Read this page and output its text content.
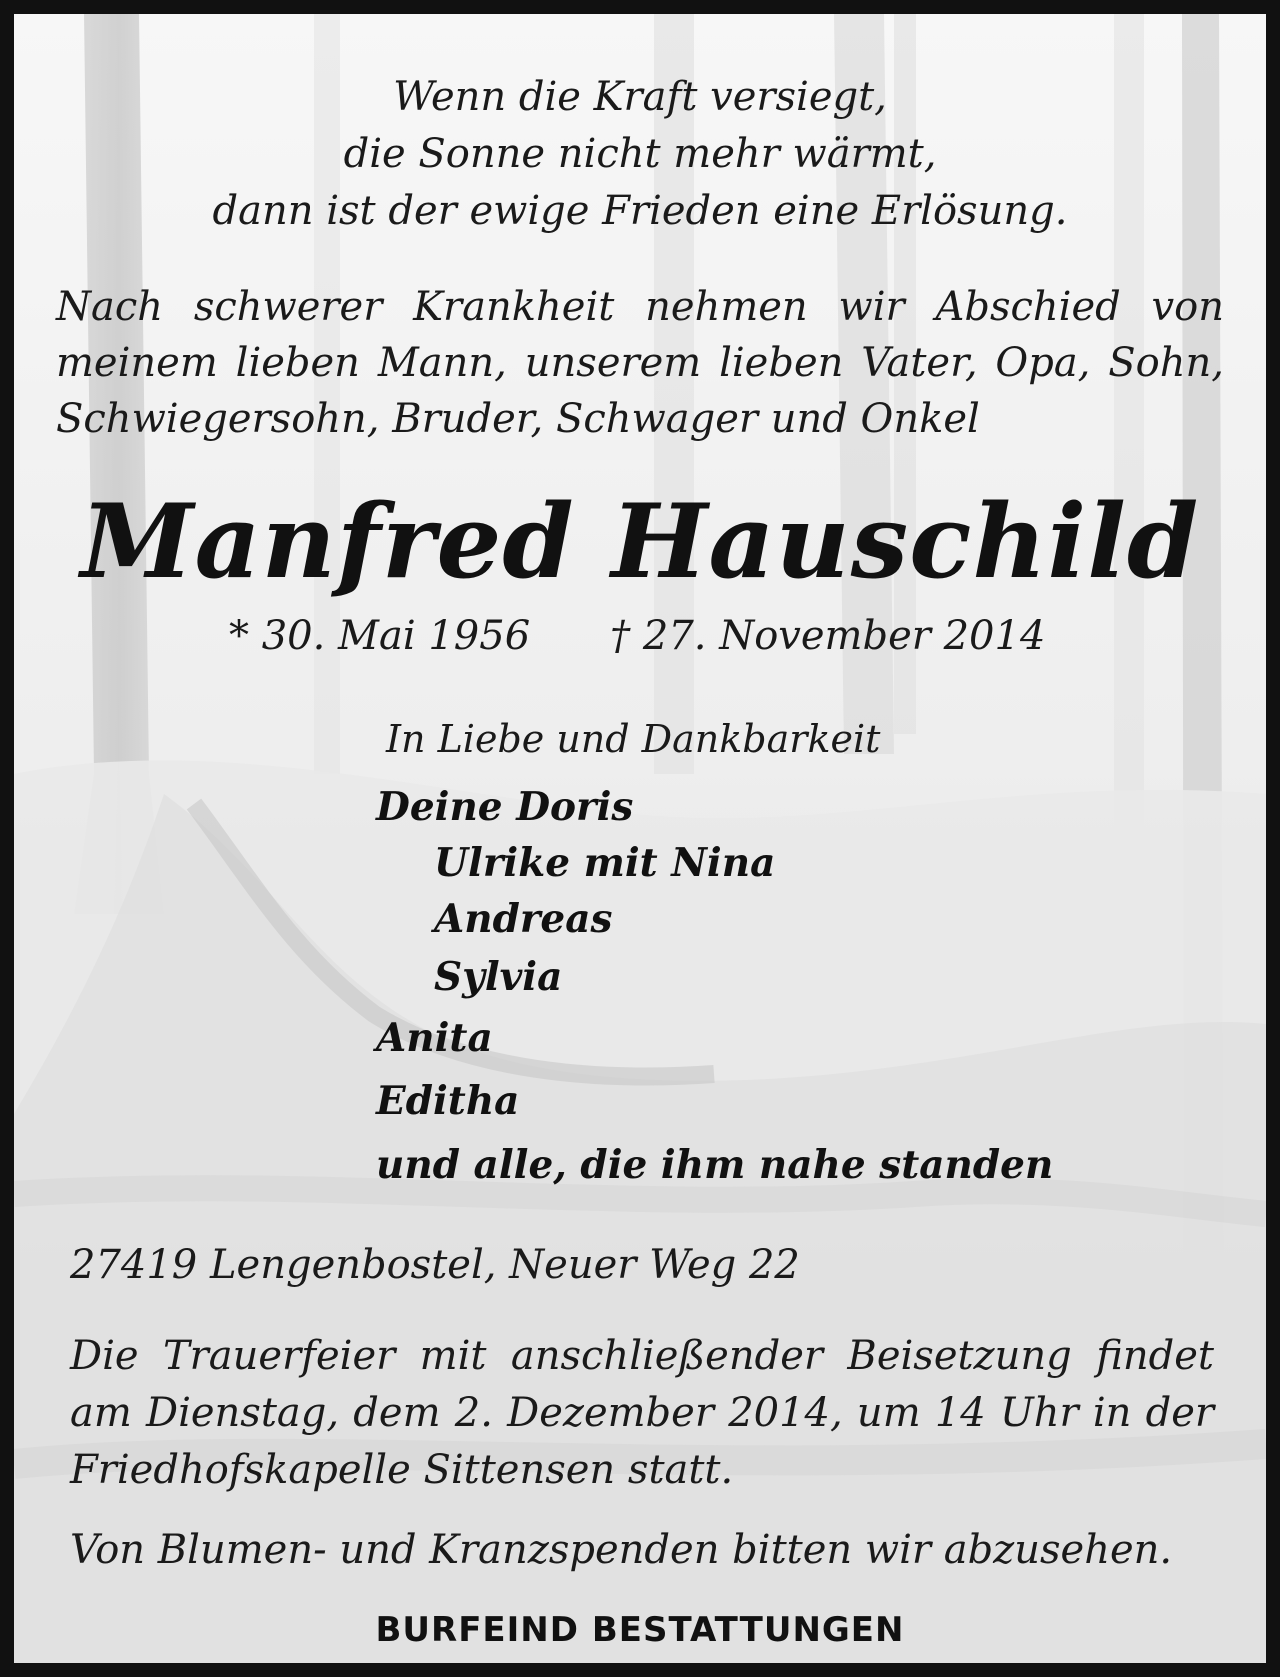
Wenn die Kraft versiegt,
die Sonne nicht mehr wärmt,
dann ist der ewige Frieden eine Erlösung.
Nach schwerer Krankheit nehmen wir Abschied von meinem lieben Mann, unserem lieben Vater, Opa, Sohn, Schwiegersohn, Bruder, Schwager und Onkel
Manfred Hauschild
* 30. Mai 1956 † 27. November 2014
In Liebe und Dankbarkeit
Deine Doris
Ulrike mit Nina
Andreas
Sylvia
Anita
Editha
und alle, die ihm nahe standen
27419 Lengenbostel, Neuer Weg 22
Die Trauerfeier mit anschließender Beisetzung findet am Dienstag, dem 2. Dezember 2014, um 14 Uhr in der Friedhofskapelle Sittensen statt.
Von Blumen- und Kranzspenden bitten wir abzusehen.
BURFEIND BESTATTUNGEN
